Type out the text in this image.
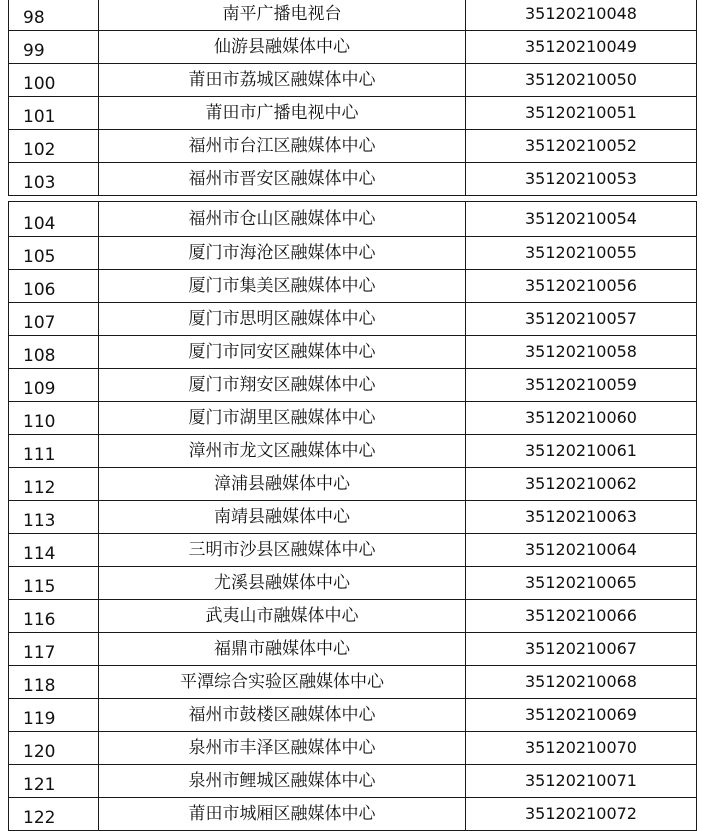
98	南平广播电视台	35120210048
99	仙游县融媒体中心	35120210049
100	莆田市荔城区融媒体中心	35120210050
101	莆田市广播电视中心	35120210051
102	福州市台江区融媒体中心	35120210052
103	福州市晋安区融媒体中心	35120210053
104	福州市仓山区融媒体中心	35120210054
105	厦门市海沧区融媒体中心	35120210055
106	厦门市集美区融媒体中心	35120210056
107	厦门市思明区融媒体中心	35120210057
108	厦门市同安区融媒体中心	35120210058
109	厦门市翔安区融媒体中心	35120210059
110	厦门市湖里区融媒体中心	35120210060
111	漳州市龙文区融媒体中心	35120210061
112	漳浦县融媒体中心	35120210062
113	南靖县融媒体中心	35120210063
114	三明市沙县区融媒体中心	35120210064
115	尤溪县融媒体中心	35120210065
116	武夷山市融媒体中心	35120210066
117	福鼎市融媒体中心	35120210067
118	平潭综合实验区融媒体中心	35120210068
119	福州市鼓楼区融媒体中心	35120210069
120	泉州市丰泽区融媒体中心	35120210070
121	泉州市鲤城区融媒体中心	35120210071
122	莆田市城厢区融媒体中心	35120210072
